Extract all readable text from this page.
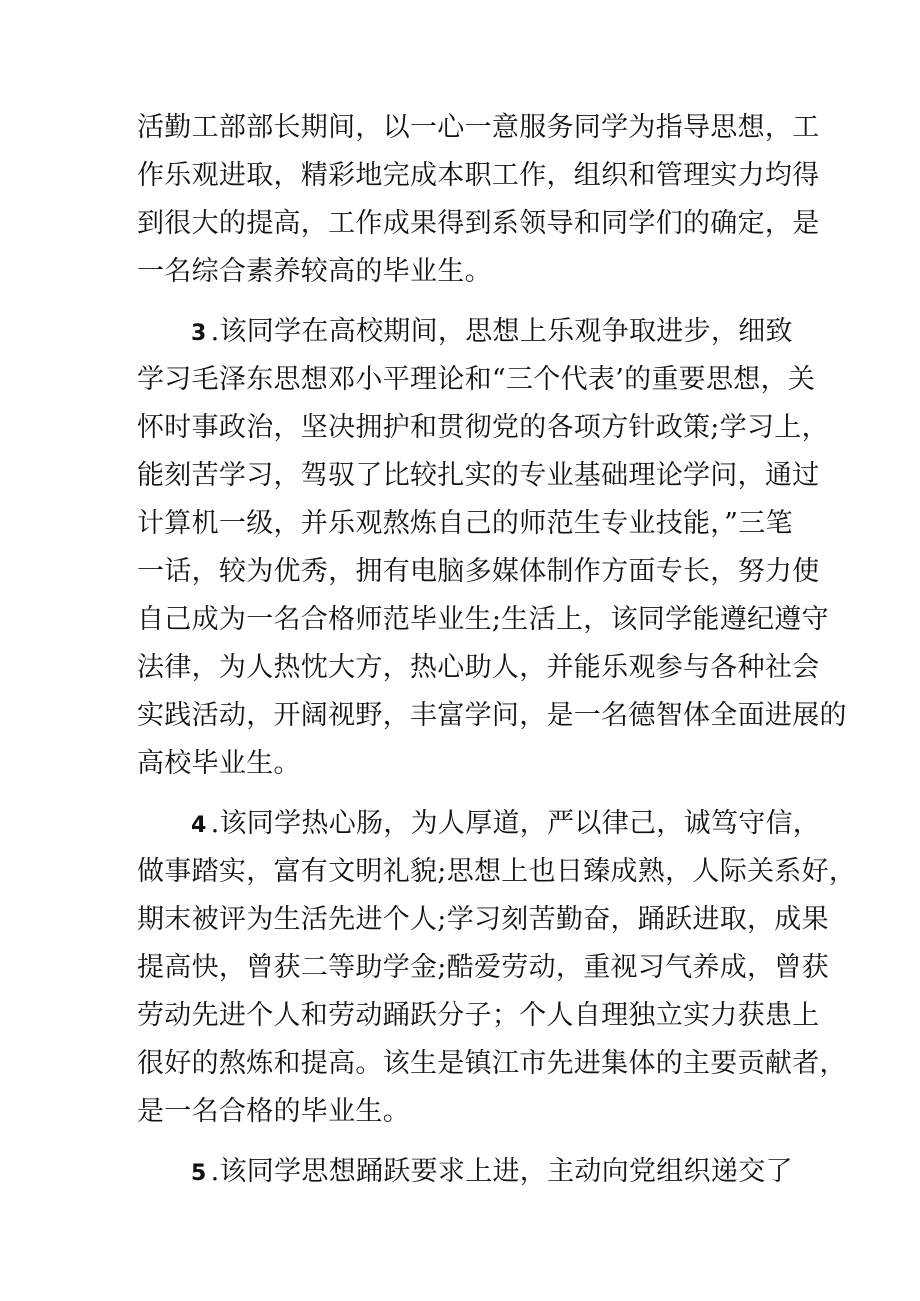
活勤工部部长期间，以一心一意服务同学为指导思想，工
作乐观进取，精彩地完成本职工作，组织和管理实力均得
到很大的提高，工作成果得到系领导和同学们的确定，是
一名综合素养较高的毕业生。
3 .该同学在高校期间，思想上乐观争取进步，细致
学习毛泽东思想邓小平理论和“三个代表’的重要思想，关
怀时事政治，坚决拥护和贯彻党的各项方针政策;学习上，
能刻苦学习，驾驭了比较扎实的专业基础理论学问，通过
计算机一级，并乐观熬炼自己的师范生专业技能，”三笔
一话，较为优秀，拥有电脑多媒体制作方面专长，努力使
自己成为一名合格师范毕业生;生活上，该同学能遵纪遵守
法律，为人热忱大方，热心助人，并能乐观参与各种社会
实践活动，开阔视野，丰富学问，是一名德智体全面进展的
高校毕业生。
4 .该同学热心肠，为人厚道，严以律己，诚笃守信，
做事踏实，富有文明礼貌;思想上也日臻成熟，人际关系好，
期末被评为生活先进个人;学习刻苦勤奋，踊跃进取，成果
提高快，曾获二等助学金;酷爱劳动，重视习气养成，曾获
劳动先进个人和劳动踊跃分子；个人自理独立实力获患上
很好的熬炼和提高。该生是镇江市先进集体的主要贡献者，
是一名合格的毕业生。
5 .该同学思想踊跃要求上进，主动向党组织递交了
